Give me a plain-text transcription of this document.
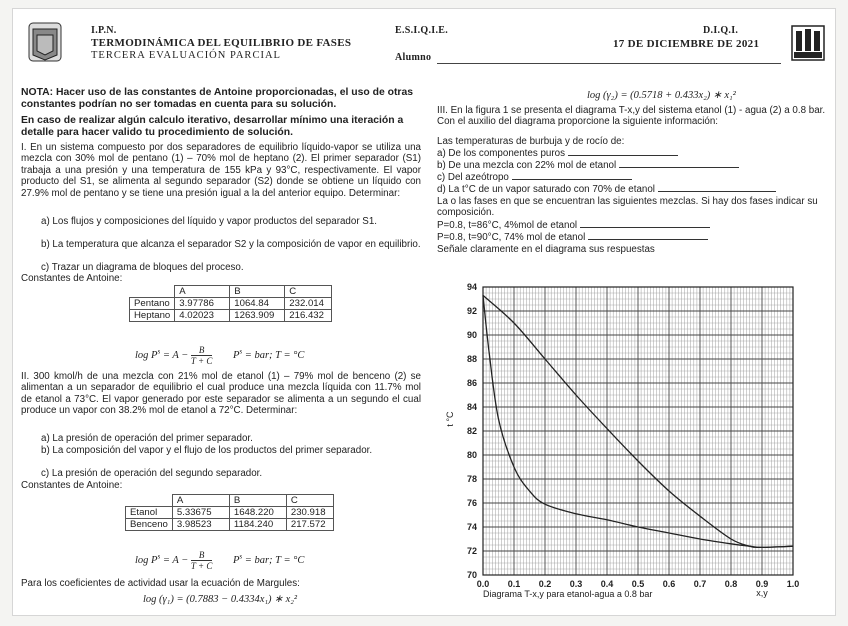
I.P.N.
TERMODINÁMICA DEL EQUILIBRIO DE FASES
TERCERA EVALUACIÓN PARCIAL
E.S.I.Q.I.E.
Alumno
D.I.Q.I.
17 DE DICIEMBRE DE 2021
NOTA: Hacer uso de las constantes de Antoine proporcionadas, el uso de otras constantes podrían no ser tomadas en cuenta para su solución.
En caso de realizar algún calculo iterativo, desarrollar mínimo una iteración a detalle para hacer valido tu procedimiento de solución.
I. En un sistema compuesto por dos separadores de equilibrio líquido-vapor se utiliza una mezcla con 30% mol de pentano (1) – 70% mol de heptano (2). El primer separador (S1) trabaja a una presión y una temperatura de 155 kPa y 93°C, respectivamente. El vapor producto del S1, se alimenta al segundo separador (S2) donde se obtiene un líquido con 27.9% mol de pentano y se tiene una presión igual a la del anterior equipo. Determinar:
a) Los flujos y composiciones del líquido y vapor productos del separador S1.
b) La temperatura que alcanza el separador S2 y la composición de vapor en equilibrio.
c) Trazar un diagrama de bloques del proceso.
Constantes de Antoine:
	A	B	C
Pentano	3.97786	1064.84	232.014
Heptano	4.02023	1263.909	216.432
$\log P^s = A - \frac{B}{T + C} P^s$ = bar; T = °C
II. 300 kmol/h de una mezcla con 21% mol de etanol (1) – 79% mol de benceno (2) se alimentan a un separador de equilibrio el cual produce una mezcla líquida con 11.7% mol de etanol a 73°C. El vapor generado por este separador se alimenta a un segundo el cual produce un vapor con 38.2% mol de etanol a 72°C. Determinar:
a) La presión de operación del primer separador.
b) La composición del vapor y el flujo de los productos del primer separador.
c) La presión de operación del segundo separador.
Constantes de Antoine:
	A	B	C
Etanol	5.33675	1648.220	230.918
Benceno	3.98523	1184.240	217.572
$\log P^s = A - \frac{B}{T + C} P^s$ = bar; T = °C
Para los coeficientes de actividad usar la ecuación de Margules:
log (γ₁) = (0.7883 − 0.4334x₁) ∗ x₂²
log (γ₂) = (0.5718 + 0.433x₂) ∗ x₁²
III. En la figura 1 se presenta el diagrama T-x,y del sistema etanol (1) - agua (2) a 0.8 bar. Con el auxilio del diagrama proporcione la siguiente información:
Las temperaturas de burbuja y de rocío de:
a) De los componentes puros
b) De una mezcla con 22% mol de etanol
c) Del azeótropo
d) La t°C de un vapor saturado con 70% de etanol
La o las fases en que se encuentran las siguientes mezclas. Si hay dos fases indicar su composición.
P=0.8, t=86°C, 4%mol de etanol
P=0.8, t=90°C, 74% mol de etanol
Señale claramente en el diagrama sus respuestas
70
72
74
76
78
80
82
84
86
88
90
92
94
0.0 0.1 0.2 0.3 0.4 0.5 0.6 0.7 0.8 0.9 1.0
t °C
x,y
Diagrama T-x,y para etanol-agua a 0.8 bar
